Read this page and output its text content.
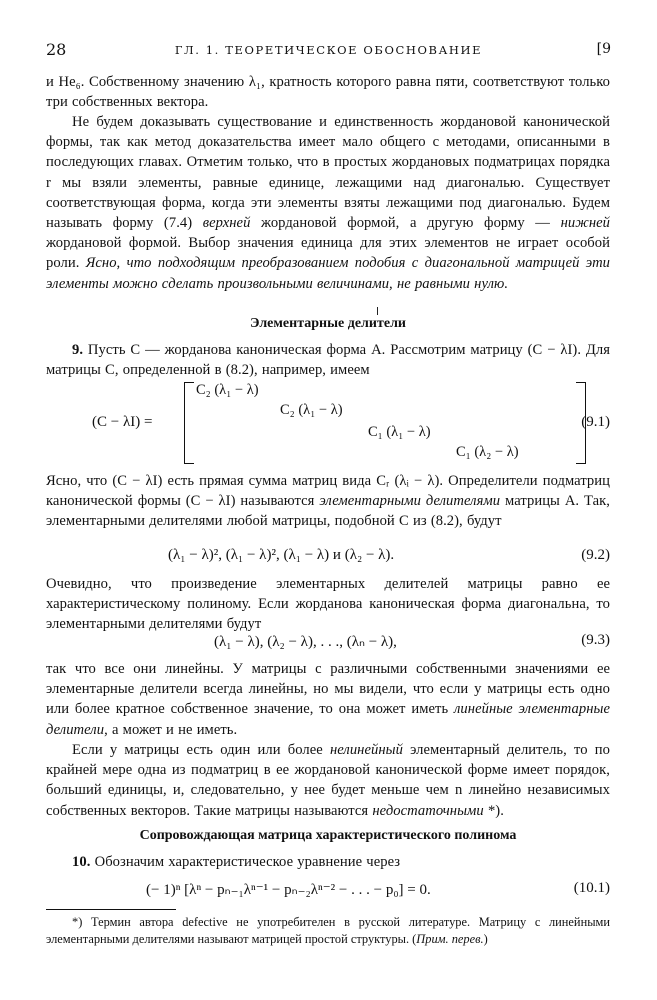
28	ГЛ. 1. ТЕОРЕТИЧЕСКОЕ ОБОСНОВАНИЕ	[9

и He₆. Собственному значению λ₁, кратность которого равна пяти, соответствуют только три собственных вектора.

Не будем доказывать существование и единственность жордановой канонической формы, так как метод доказательства имеет мало общего с методами, описанными в последующих главах. Отметим только, что в простых жордановых подматрицах порядка r мы взяли элементы, равные единице, лежащими над диагональю. Существует соответствующая форма, когда эти элементы взяты лежащими под диагональю. Будем называть форму (7.4) верхней жордановой формой, а другую форму — нижней жордановой формой. Выбор значения единица для этих элементов не играет особой роли. Ясно, что подходящим преобразованием подобия с диагональной матрицей эти элементы можно сделать произвольными величинами, не равными нулю.

Элементарные делители

9. Пусть C — жорданова каноническая форма A. Рассмотрим матрицу (C − λI). Для матрицы C, определенной в (8.2), например, имеем

(C − λI) =
C₂ (λ₁ − λ)
C₂ (λ₁ − λ)
C₁ (λ₁ − λ)
C₁ (λ₂ − λ)
(9.1)

Ясно, что (C − λI) есть прямая сумма матриц вида Cᵣ (λᵢ − λ). Определители подматриц канонической формы (C − λI) называются элементарными делителями матрицы A. Так, элементарными делителями любой матрицы, подобной C из (8.2), будут

(λ₁ − λ)², (λ₁ − λ)², (λ₁ − λ) и (λ₂ − λ).	(9.2)

Очевидно, что произведение элементарных делителей матрицы равно ее характеристическому полиному. Если жорданова каноническая форма диагональна, то элементарными делителями будут

(λ₁ − λ), (λ₂ − λ), . . ., (λₙ − λ),	(9.3)

так что все они линейны. У матрицы с различными собственными значениями ее элементарные делители всегда линейны, но мы видели, что если у матрицы есть одно или более кратное собственное значение, то она может иметь линейные элементарные делители, а может и не иметь.

Если у матрицы есть один или более нелинейный элементарный делитель, то по крайней мере одна из подматриц в ее жордановой канонической форме имеет порядок, больший единицы, и, следовательно, у нее будет меньше чем n линейно независимых собственных векторов. Такие матрицы называются недостаточными *).

Сопровождающая матрица характеристического полинома

10. Обозначим характеристическое уравнение через

(− 1)ⁿ [λⁿ − pₙ₋₁λⁿ⁻¹ − pₙ₋₂λⁿ⁻² − . . . − p₀] = 0.	(10.1)

*) Термин автора defective не употребителен в русской литературе. Матрицу с линейными элементарными делителями называют матрицей простой структуры. (Прим. перев.)
